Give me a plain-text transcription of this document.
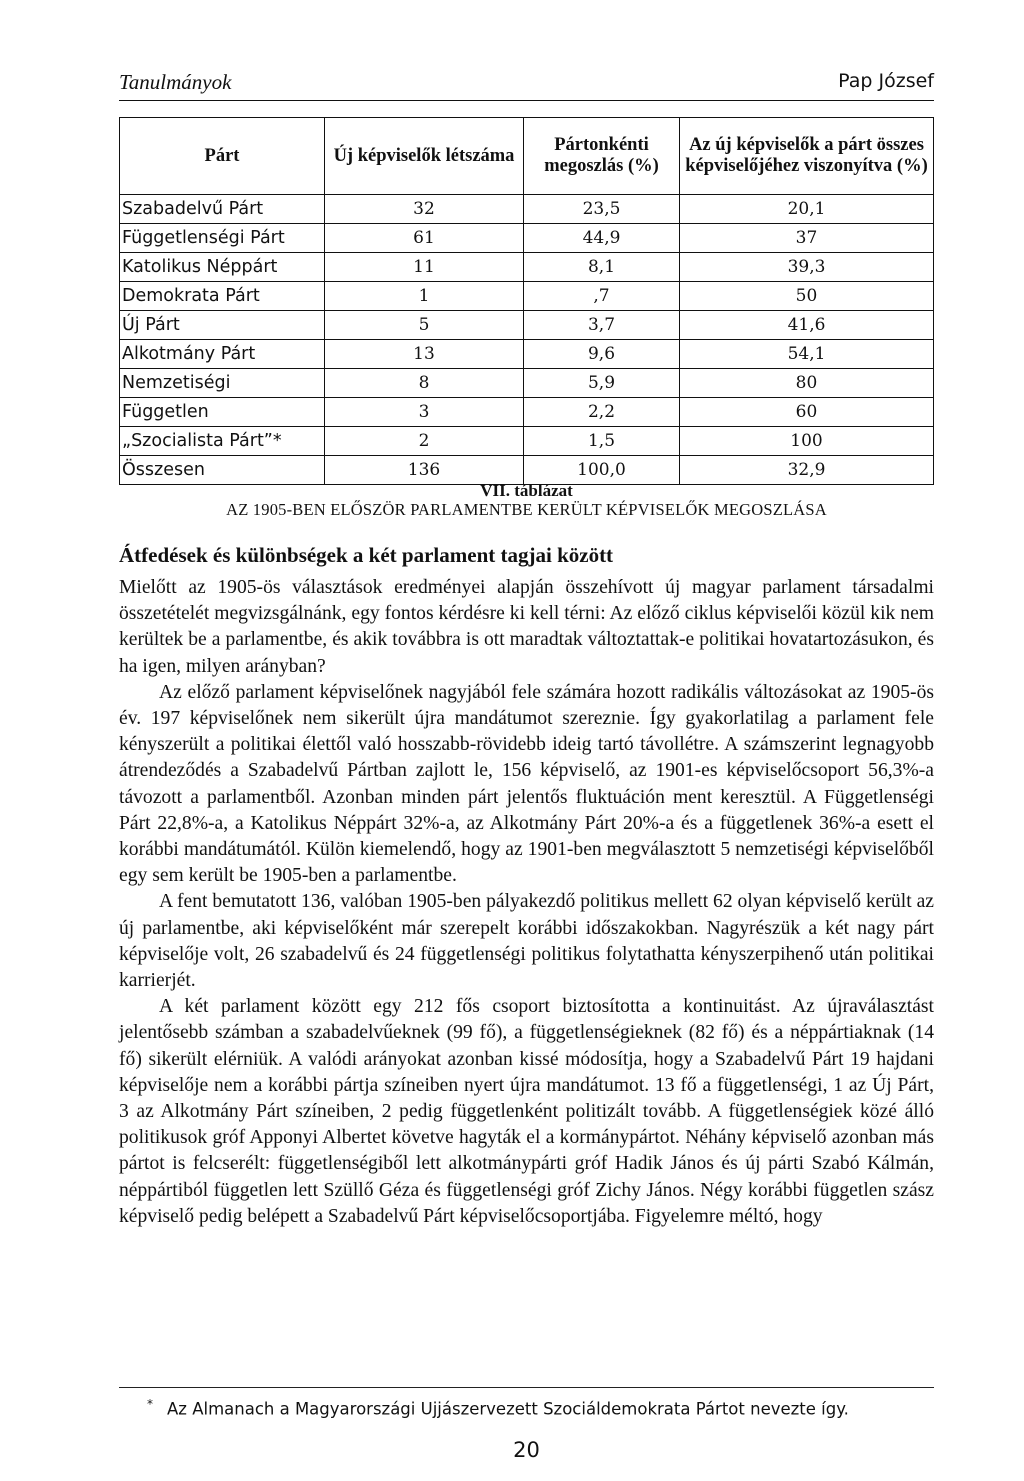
Tanulmányok	Pap József
Párt	Új képviselők létszáma	Pártonkénti megoszlás (%)	Az új képviselők a párt összes képviselőjéhez viszonyítva (%)
Szabadelvű Párt	32	23,5	20,1
Függetlenségi Párt	61	44,9	37
Katolikus Néppárt	11	8,1	39,3
Demokrata Párt	1	,7	50
Új Párt	5	3,7	41,6
Alkotmány Párt	13	9,6	54,1
Nemzetiségi	8	5,9	80
Független	3	2,2	60
„Szocialista Párt”*	2	1,5	100
Összesen	136	100,0	32,9
VII. táblázat
AZ 1905-BEN ELŐSZÖR PARLAMENTBE KERÜLT KÉPVISELŐK MEGOSZLÁSA
Átfedések és különbségek a két parlament tagjai között

Mielőtt az 1905-ös választások eredményei alapján összehívott új magyar parlament társadalmi összetételét megvizsgálnánk, egy fontos kérdésre ki kell térni: Az előző ciklus képviselői közül kik nem kerültek be a parlamentbe, és akik továbbra is ott maradtak változtattak-e politikai hovatartozásukon, és ha igen, milyen arányban?

Az előző parlament képviselőnek nagyjából fele számára hozott radikális változásokat az 1905-ös év. 197 képviselőnek nem sikerült újra mandátumot szereznie. Így gyakorlatilag a parlament fele kényszerült a politikai élettől való hosszabb-rövidebb ideig tartó távollétre. A számszerint legnagyobb átrendeződés a Szabadelvű Pártban zajlott le, 156 képviselő, az 1901-es képviselőcsoport 56,3%-a távozott a parlamentből. Azonban minden párt jelentős fluktuáción ment keresztül. A Függetlenségi Párt 22,8%-a, a Katolikus Néppárt 32%-a, az Alkotmány Párt 20%-a és a függetlenek 36%-a esett el korábbi mandátumától. Külön kiemelendő, hogy az 1901-ben megválasztott 5 nemzetiségi képviselőből egy sem került be 1905-ben a parlamentbe.

A fent bemutatott 136, valóban 1905-ben pályakezdő politikus mellett 62 olyan képviselő került az új parlamentbe, aki képviselőként már szerepelt korábbi időszakokban. Nagyrészük a két nagy párt képviselője volt, 26 szabadelvű és 24 függetlenségi politikus folytathatta kényszerpihenő után politikai karrierjét.

A két parlament között egy 212 fős csoport biztosította a kontinuitást. Az újraválasztást jelentősebb számban a szabadelvűeknek (99 fő), a függetlenségieknek (82 fő) és a néppártiaknak (14 fő) sikerült elérniük. A valódi arányokat azonban kissé módosítja, hogy a Szabadelvű Párt 19 hajdani képviselője nem a korábbi pártja színeiben nyert újra mandátumot. 13 fő a függetlenségi, 1 az Új Párt, 3 az Alkotmány Párt színeiben, 2 pedig függetlenként politizált tovább. A függetlenségiek közé álló politikusok gróf Apponyi Albertet követve hagyták el a kormánypártot. Néhány képviselő azonban más pártot is felcserélt: függetlenségiből lett alkotmánypárti gróf Hadik János és új párti Szabó Kálmán, néppártiból független lett Szüllő Géza és függetlenségi gróf Zichy János. Négy korábbi független szász képviselő pedig belépett a Szabadelvű Párt képviselőcsoportjába. Figyelemre méltó, hogy

* Az Almanach a Magyarországi Ujjászervezett Szociáldemokrata Pártot nevezte így.
20
